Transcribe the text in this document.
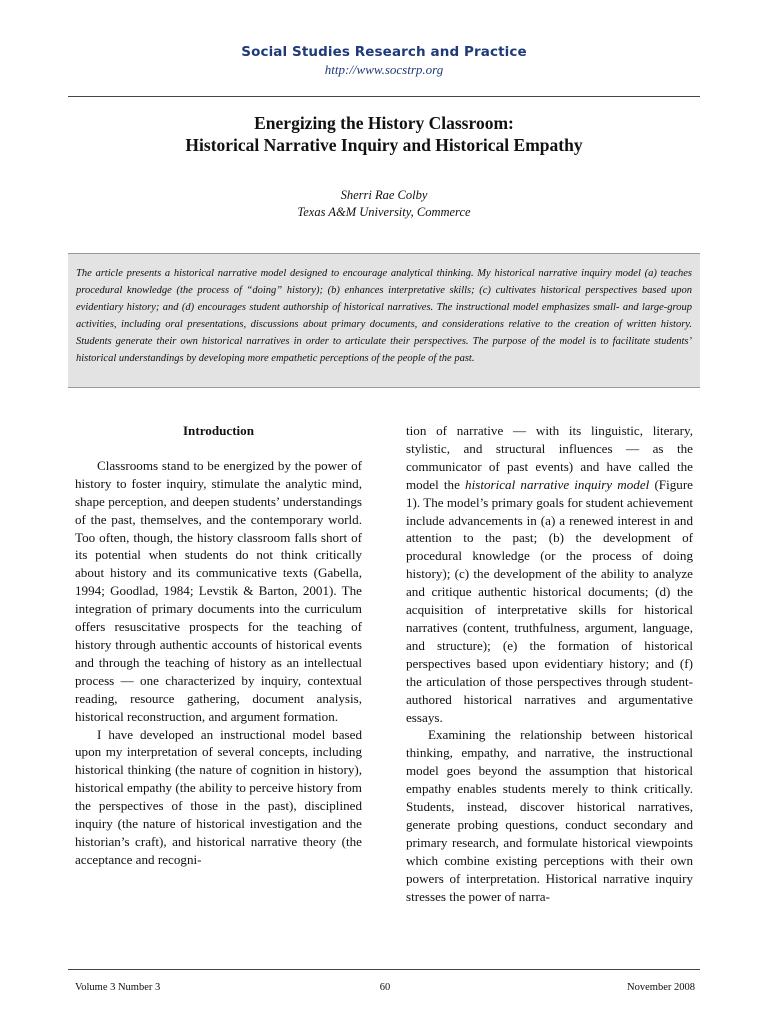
Social Studies Research and Practice
http://www.socstrp.org
Energizing the History Classroom:
Historical Narrative Inquiry and Historical Empathy
Sherri Rae Colby
Texas A&M University, Commerce

The article presents a historical narrative model designed to encourage analytical thinking. My historical narrative inquiry model (a) teaches procedural knowledge (the process of “doing” history); (b) enhances interpretative skills; (c) cultivates historical perspectives based upon evidentiary history; and (d) encourages student authorship of historical narratives. The instructional model emphasizes small- and large-group activities, including oral presentations, discussions about primary documents, and considerations relative to the creation of written history. Students generate their own historical narratives in order to articulate their perspectives. The purpose of the model is to facilitate students’ historical understandings by developing more empathetic perceptions of the people of the past.

Introduction

Classrooms stand to be energized by the power of history to foster inquiry, stimulate the analytic mind, shape perception, and deepen students’ understandings of the past, themselves, and the contemporary world. Too often, though, the history classroom falls short of its potential when students do not think critically about history and its communicative texts (Gabella, 1994; Goodlad, 1984; Levstik & Barton, 2001). The integration of primary documents into the curriculum offers resuscitative prospects for the teaching of history through authentic accounts of historical events and through the teaching of history as an intellectual process — one characterized by inquiry, contextual reading, resource gathering, document analysis, historical reconstruction, and argument formation.

I have developed an instructional model based upon my interpretation of several concepts, including historical thinking (the nature of cognition in history), historical empathy (the ability to perceive history from the perspectives of those in the past), disciplined inquiry (the nature of historical investigation and the historian’s craft), and historical narrative theory (the acceptance and recogni-

tion of narrative — with its linguistic, literary, stylistic, and structural influences — as the communicator of past events) and have called the model the historical narrative inquiry model (Figure 1). The model’s primary goals for student achievement include advancements in (a) a renewed interest in and attention to the past; (b) the development of procedural knowledge (or the process of doing history); (c) the development of the ability to analyze and critique authentic historical documents; (d) the acquisition of interpretative skills for historical narratives (content, truthfulness, argument, language, and structure); (e) the formation of historical perspectives based upon evidentiary history; and (f) the articulation of those perspectives through student-authored historical narratives and argumentative essays.

Examining the relationship between historical thinking, empathy, and narrative, the instructional model goes beyond the assumption that historical empathy enables students merely to think critically. Students, instead, discover historical narratives, generate probing questions, conduct secondary and primary research, and formulate historical viewpoints which combine existing perceptions with their own powers of interpretation. Historical narrative inquiry stresses the power of narra-

Volume 3 Number 3	60	November 2008
